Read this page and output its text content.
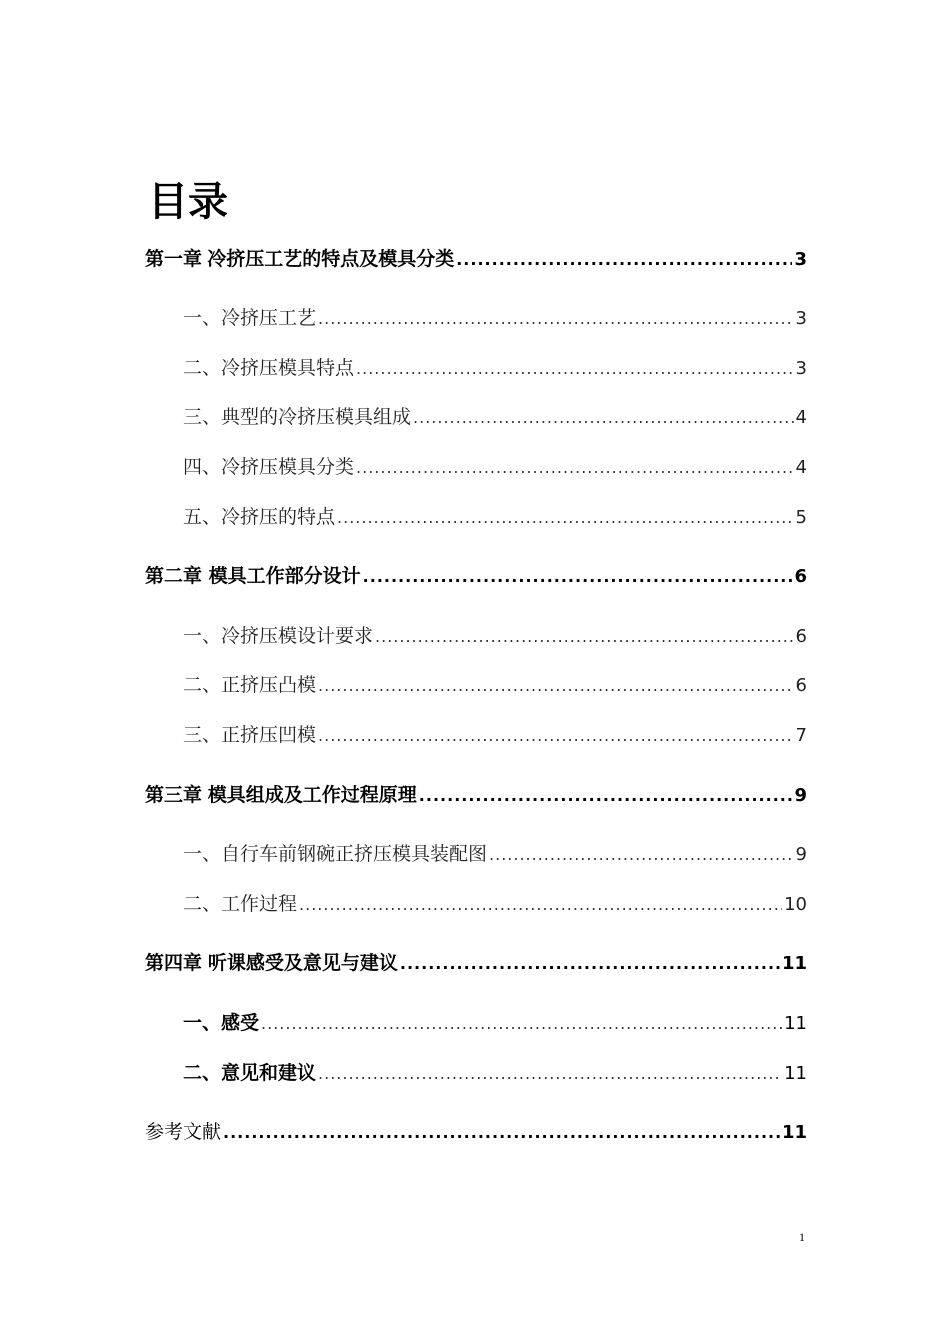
目录
第一章 冷挤压工艺的特点及模具分类 .....	3
一、冷挤压工艺 .....	3
二、冷挤压模具特点 .....	3
三、典型的冷挤压模具组成 .....	4
四、冷挤压模具分类 .....	4
五、冷挤压的特点 .....	5
第二章 模具工作部分设计 .....	6
一、冷挤压模设计要求 .....	6
二、正挤压凸模 .....	6
三、正挤压凹模 .....	7
第三章 模具组成及工作过程原理 .....	9
一、自行车前钢碗正挤压模具装配图 .....	9
二、工作过程 .....	10
第四章 听课感受及意见与建议 .....	11
一、感受 .....	11
二、意见和建议 .....	11
参考文献 .....	11
1
